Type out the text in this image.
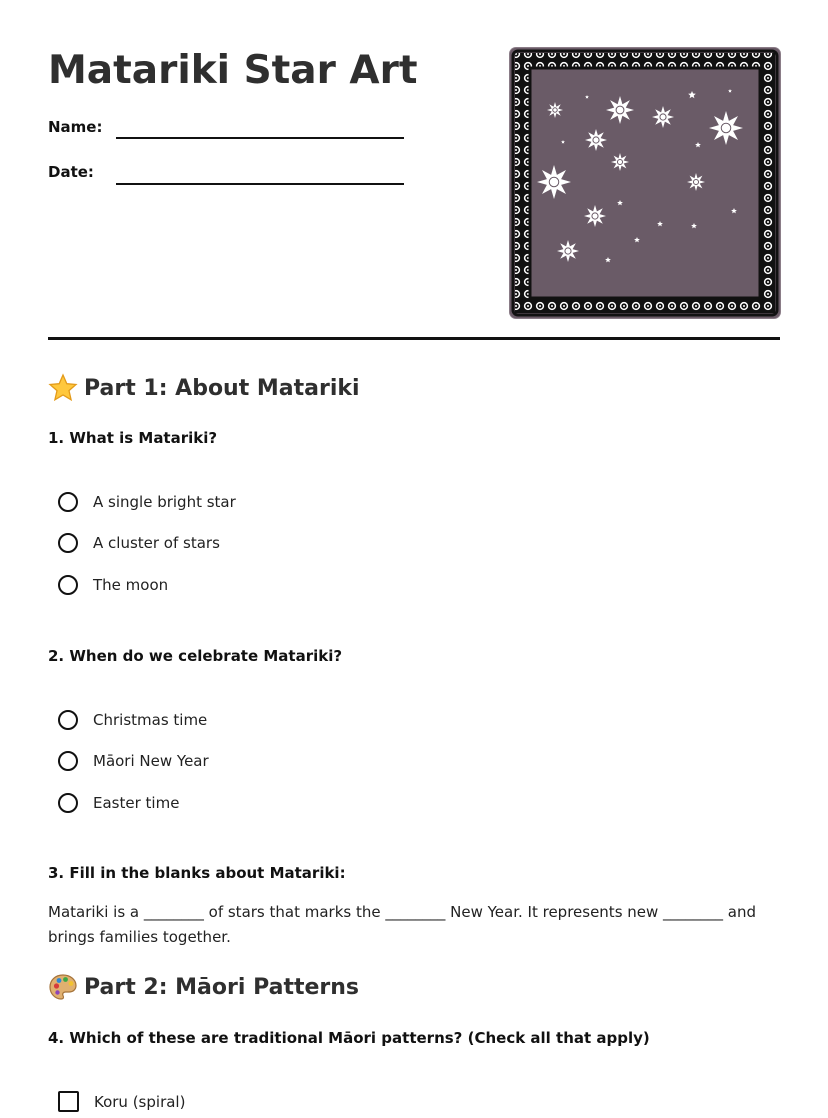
Matariki Star Art
Name:
Date:
Part 1: About Matariki
1. What is Matariki?
A single bright star
A cluster of stars
The moon
2. When do we celebrate Matariki?
Christmas time
Māori New Year
Easter time
3. Fill in the blanks about Matariki:
Matariki is a ________ of stars that marks the ________ New Year. It represents new ________ and brings families together.
Part 2: Māori Patterns
4. Which of these are traditional Māori patterns? (Check all that apply)
Koru (spiral)
